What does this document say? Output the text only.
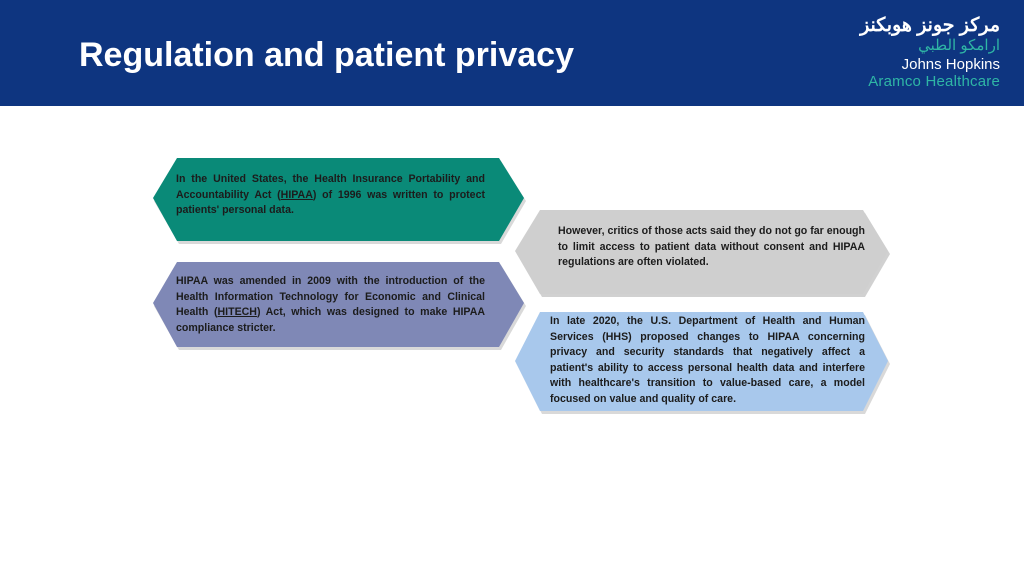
Regulation and patient privacy
مركز جونز هوبكنز
ارامكو الطبي
Johns Hopkins
Aramco Healthcare
In the United States, the Health Insurance Portability and Accountability Act (HIPAA) of 1996 was written to protect patients' personal data.
However, critics of those acts said they do not go far enough to limit access to patient data without consent and HIPAA regulations are often violated.
HIPAA was amended in 2009 with the introduction of the Health Information Technology for Economic and Clinical Health (HITECH) Act, which was designed to make HIPAA compliance stricter.
In late 2020, the U.S. Department of Health and Human Services (HHS) proposed changes to HIPAA concerning privacy and security standards that negatively affect a patient's ability to access personal health data and interfere with healthcare's transition to value-based care, a model focused on value and quality of care.
